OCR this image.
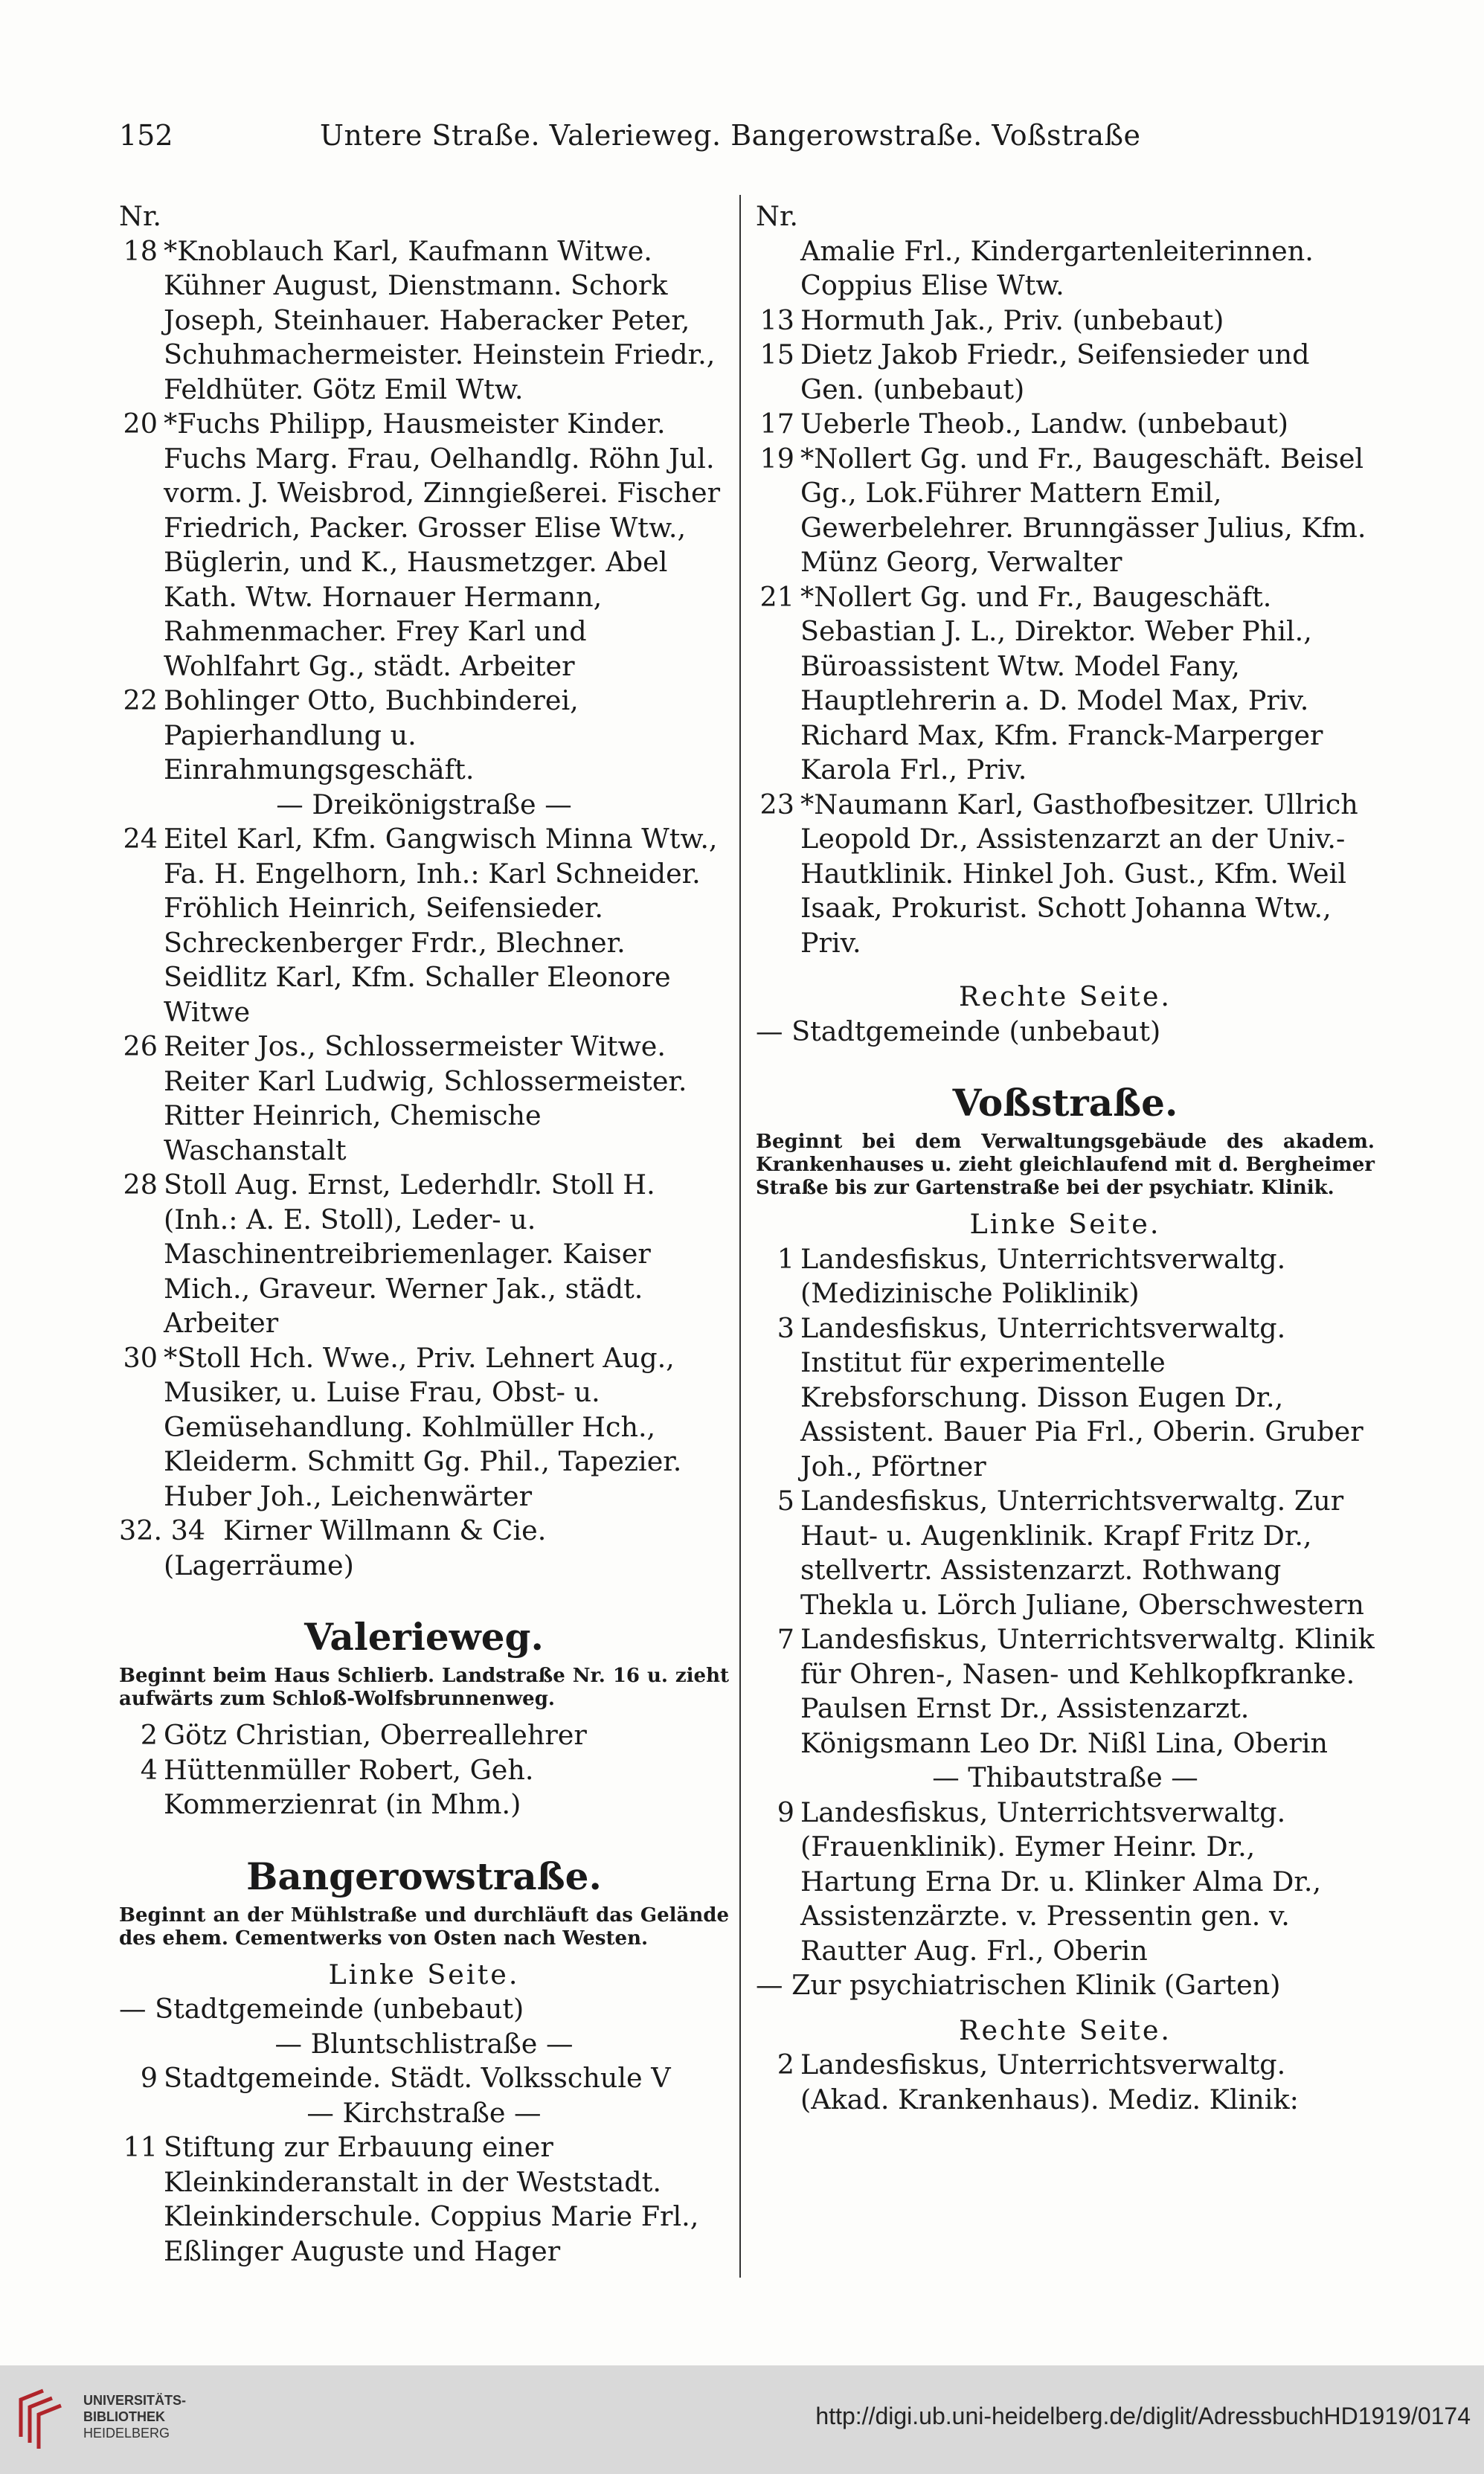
152	Untere Straße. Valerieweg. Bangerowstraße. Voßstraße
Nr.
18 *Knoblauch Karl, Kaufmann Witwe. Kühner August, Dienstmann. Schork Joseph, Steinhauer. Haberacker Peter, Schuhmachermeister. Heinstein Friedr., Feldhüter. Götz Emil Wtw.
20 *Fuchs Philipp, Hausmeister Kinder. Fuchs Marg. Frau, Oelhandlg. Röhn Jul. vorm. J. Weisbrod, Zinngießerei. Fischer Friedrich, Packer. Grosser Elise Wtw., Büglerin, und K., Hausmetzger. Abel Kath. Wtw. Hornauer Hermann, Rahmenmacher. Frey Karl und Wohlfahrt Gg., städt. Arbeiter
22 Bohlinger Otto, Buchbinderei, Papierhandlung u. Einrahmungsgeschäft.
— Dreikönigstraße —
24 Eitel Karl, Kfm. Gangwisch Minna Wtw., Fa. H. Engelhorn, Inh.: Karl Schneider. Fröhlich Heinrich, Seifensieder. Schreckenberger Frdr., Blechner. Seidlitz Karl, Kfm. Schaller Eleonore Witwe
26 Reiter Jos., Schlossermeister Witwe. Reiter Karl Ludwig, Schlossermeister. Ritter Heinrich, Chemische Waschanstalt
28 Stoll Aug. Ernst, Lederhdlr. Stoll H. (Inh.: A. E. Stoll), Leder- u. Maschinentreibriemenlager. Kaiser Mich., Graveur. Werner Jak., städt. Arbeiter
30 *Stoll Hch. Wwe., Priv. Lehnert Aug., Musiker, u. Luise Frau, Obst- u. Gemüsehandlung. Kohlmüller Hch., Kleiderm. Schmitt Gg. Phil., Tapezier. Huber Joh., Leichenwärter
32. 34 Kirner Willmann & Cie. (Lagerräume)
Valerieweg.
Beginnt beim Haus Schlierb. Landstraße Nr. 16 u. zieht aufwärts zum Schloß-Wolfsbrunnenweg.
2 Götz Christian, Oberreallehrer
4 Hüttenmüller Robert, Geh. Kommerzienrat (in Mhm.)
Bangerowstraße.
Beginnt an der Mühlstraße und durchläuft das Gelände des ehem. Cementwerks von Osten nach Westen.
Linke Seite.
— Stadtgemeinde (unbebaut)
— Bluntschlistraße —
9 Stadtgemeinde. Städt. Volksschule V
— Kirchstraße —
11 Stiftung zur Erbauung einer Kleinkinderanstalt in der Weststadt. Kleinkinderschule. Coppius Marie Frl., Eßlinger Auguste und Hager
Nr.
Amalie Frl., Kindergartenleiterinnen. Coppius Elise Wtw.
13 Hormuth Jak., Priv. (unbebaut)
15 Dietz Jakob Friedr., Seifensieder und Gen. (unbebaut)
17 Ueberle Theob., Landw. (unbebaut)
19 *Nollert Gg. und Fr., Baugeschäft. Beisel Gg., Lok.Führer Mattern Emil, Gewerbelehrer. Brunngässer Julius, Kfm. Münz Georg, Verwalter
21 *Nollert Gg. und Fr., Baugeschäft. Sebastian J. L., Direktor. Weber Phil., Büroassistent Wtw. Model Fany, Hauptlehrerin a. D. Model Max, Priv. Richard Max, Kfm. Franck-Marperger Karola Frl., Priv.
23 *Naumann Karl, Gasthofbesitzer. Ullrich Leopold Dr., Assistenzarzt an der Univ.-Hautklinik. Hinkel Joh. Gust., Kfm. Weil Isaak, Prokurist. Schott Johanna Wtw., Priv.
Rechte Seite.
— Stadtgemeinde (unbebaut)
Voßstraße.
Beginnt bei dem Verwaltungsgebäude des akadem. Krankenhauses u. zieht gleichlaufend mit d. Bergheimer Straße bis zur Gartenstraße bei der psychiatr. Klinik.
Linke Seite.
1 Landesfiskus, Unterrichtsverwaltg. (Medizinische Poliklinik)
3 Landesfiskus, Unterrichtsverwaltg. Institut für experimentelle Krebsforschung. Disson Eugen Dr., Assistent. Bauer Pia Frl., Oberin. Gruber Joh., Pförtner
5 Landesfiskus, Unterrichtsverwaltg. Zur Haut- u. Augenklinik. Krapf Fritz Dr., stellvertr. Assistenzarzt. Rothwang Thekla u. Lörch Juliane, Oberschwestern
7 Landesfiskus, Unterrichtsverwaltg. Klinik für Ohren-, Nasen- und Kehlkopfkranke. Paulsen Ernst Dr., Assistenzarzt. Königsmann Leo Dr. Nißl Lina, Oberin
— Thibautstraße —
9 Landesfiskus, Unterrichtsverwaltg. (Frauenklinik). Eymer Heinr. Dr., Hartung Erna Dr. u. Klinker Alma Dr., Assistenzärzte. v. Pressentin gen. v. Rautter Aug. Frl., Oberin
— Zur psychiatrischen Klinik (Garten)
Rechte Seite.
2 Landesfiskus, Unterrichtsverwaltg. (Akad. Krankenhaus). Mediz. Klinik:
UNIVERSITÄTS-
BIBLIOTHEK
HEIDELBERG
http://digi.ub.uni-heidelberg.de/diglit/AdressbuchHD1919/0174
